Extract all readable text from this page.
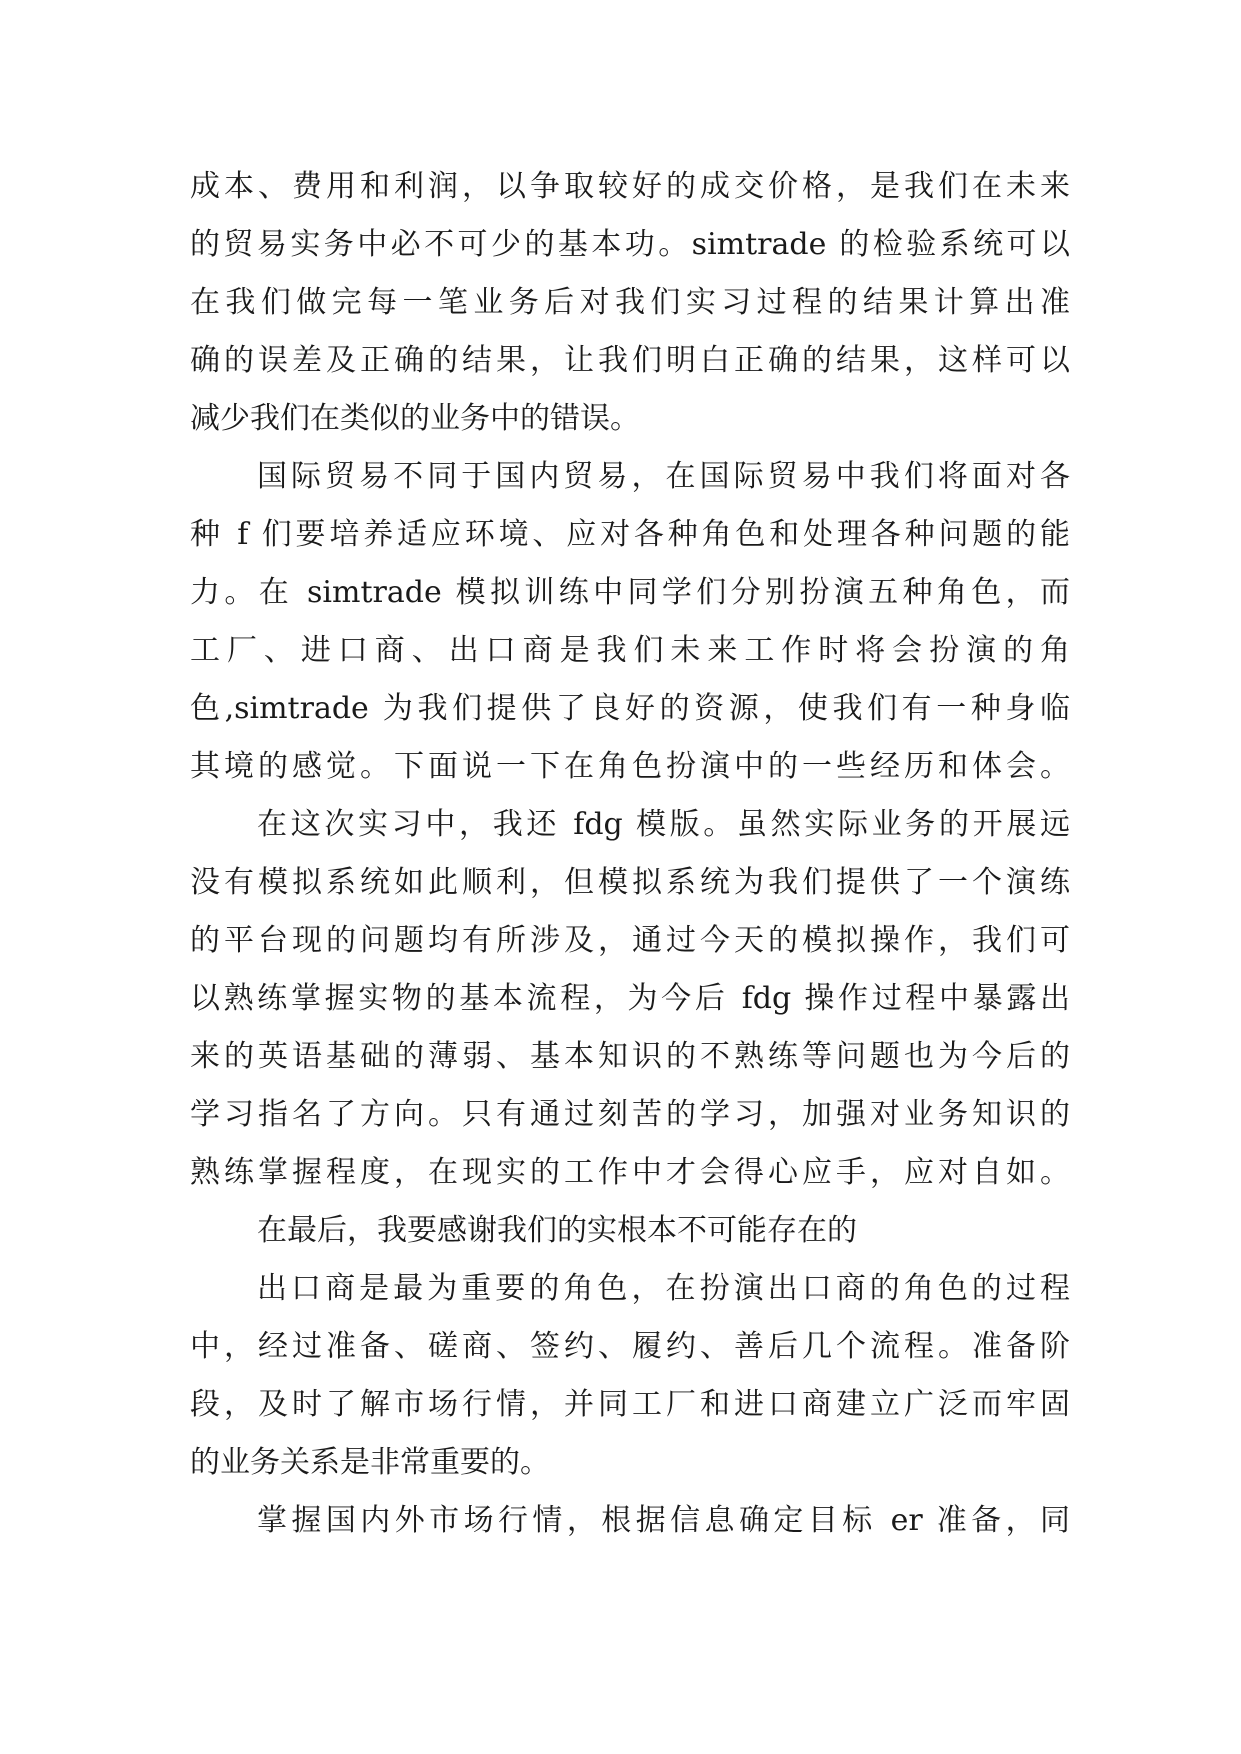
成本、费用和利润，以争取较好的成交价格，是我们在未来
的贸易实务中必不可少的基本功。simtrade 的检验系统可以
在我们做完每一笔业务后对我们实习过程的结果计算出准
确的误差及正确的结果，让我们明白正确的结果，这样可以
减少我们在类似的业务中的错误。
国际贸易不同于国内贸易，在国际贸易中我们将面对各
种 f 们要培养适应环境、应对各种角色和处理各种问题的能
力。在 simtrade 模拟训练中同学们分别扮演五种角色，而
工厂、进口商、出口商是我们未来工作时将会扮演的角
色,simtrade 为我们提供了良好的资源，使我们有一种身临
其境的感觉。下面说一下在角色扮演中的一些经历和体会。
在这次实习中，我还 fdg 模版。虽然实际业务的开展远
没有模拟系统如此顺利，但模拟系统为我们提供了一个演练
的平台现的问题均有所涉及，通过今天的模拟操作，我们可
以熟练掌握实物的基本流程，为今后 fdg 操作过程中暴露出
来的英语基础的薄弱、基本知识的不熟练等问题也为今后的
学习指名了方向。只有通过刻苦的学习，加强对业务知识的
熟练掌握程度，在现实的工作中才会得心应手，应对自如。
在最后，我要感谢我们的实根本不可能存在的
出口商是最为重要的角色，在扮演出口商的角色的过程
中，经过准备、磋商、签约、履约、善后几个流程。准备阶
段，及时了解市场行情，并同工厂和进口商建立广泛而牢固
的业务关系是非常重要的。
掌握国内外市场行情，根据信息确定目标 er 准备，同
